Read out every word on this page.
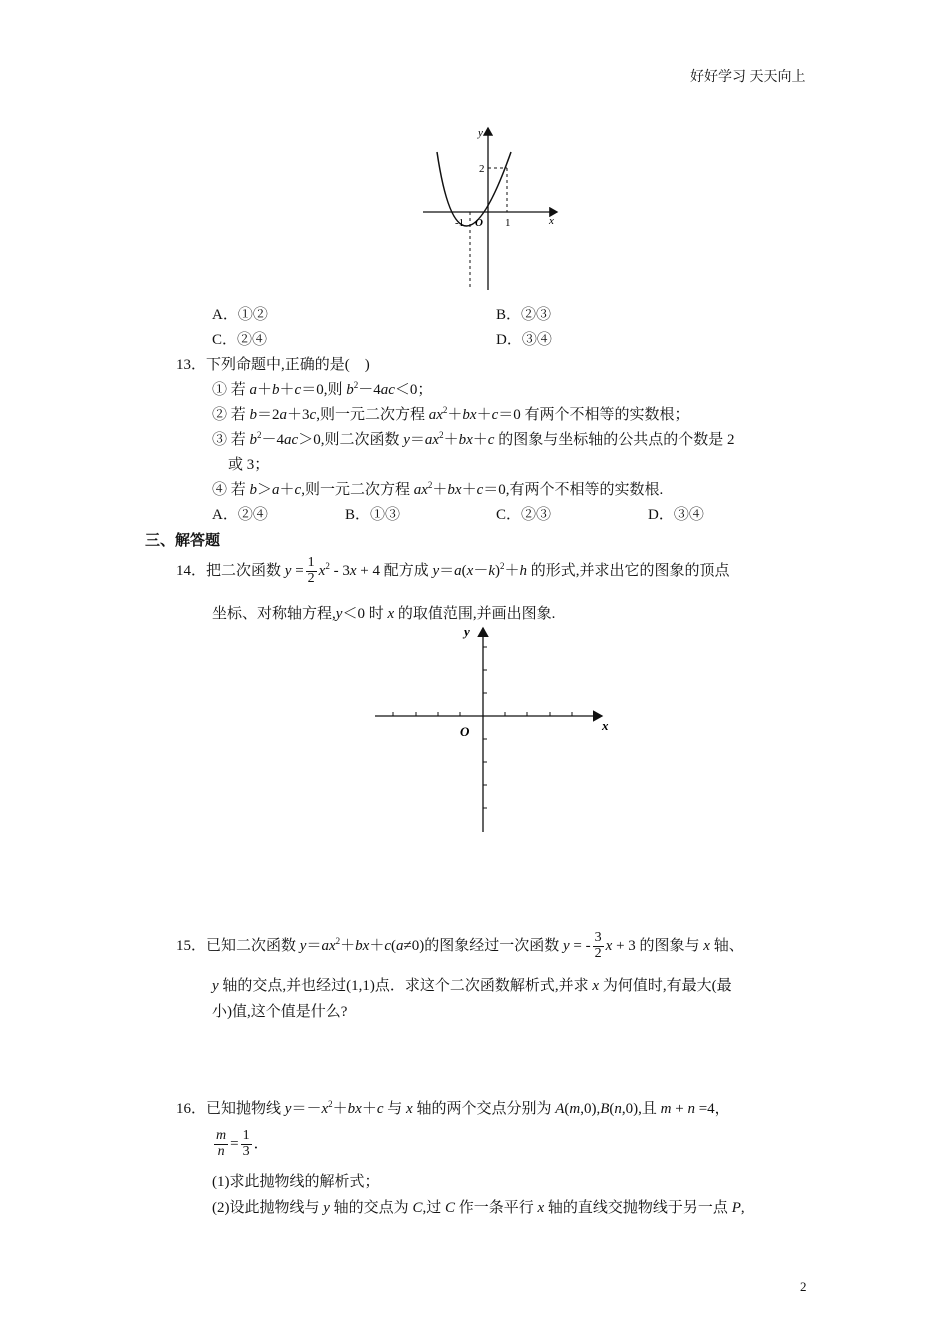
好好学习 天天向上
y
x
O
-1	1
2
A．①②	B．②③
C．②④	D．③④
13．下列命题中,正确的是(　)
① 若 a＋b＋c＝0,则 $b^2-4ac<0$；
② 若 b＝2a＋3c,则一元二次方程 $ax^2+bx+c=0$ 有两个不相等的实数根；
③ 若 $b^2-4ac>0$,则二次函数 $y=ax^2+bx+c$ 的图象与坐标轴的公共点的个数是 2
或 3；
④ 若 b＞a＋c,则一元二次方程 $ax^2+bx+c=0$,有两个不相等的实数根.
A．②④	B．①③	C．②③	D．③④
三、解答题
14．把二次函数 $y = \frac{1}{2} x^2 - 3x + 4$ 配方成 $y=a(x-k)^2+h$ 的形式,并求出它的图象的顶点
坐标、对称轴方程,y＜0 时 x 的取值范围,并画出图象.
y
x
O
15．已知二次函数 $y=ax^2+bx+c(a\ne 0)$的图象经过一次函数 y = - $\frac{3}{2}$ x + 3 的图象与 x 轴、
y 轴的交点,并也经过(1,1)点．求这个二次函数解析式,并求 x 为何值时,有最大(最
小)值,这个值是什么?
16．已知抛物线 $y=-x^2+bx+c$ 与 x 轴的两个交点分别为 A(m,0),B(n,0),且 m + n =4，
$\frac{m}{n} = \frac{1}{3}$ ．
(1)求此抛物线的解析式；
(2)设此抛物线与 y 轴的交点为 C,过 C 作一条平行 x 轴的直线交抛物线于另一点 P,
2
